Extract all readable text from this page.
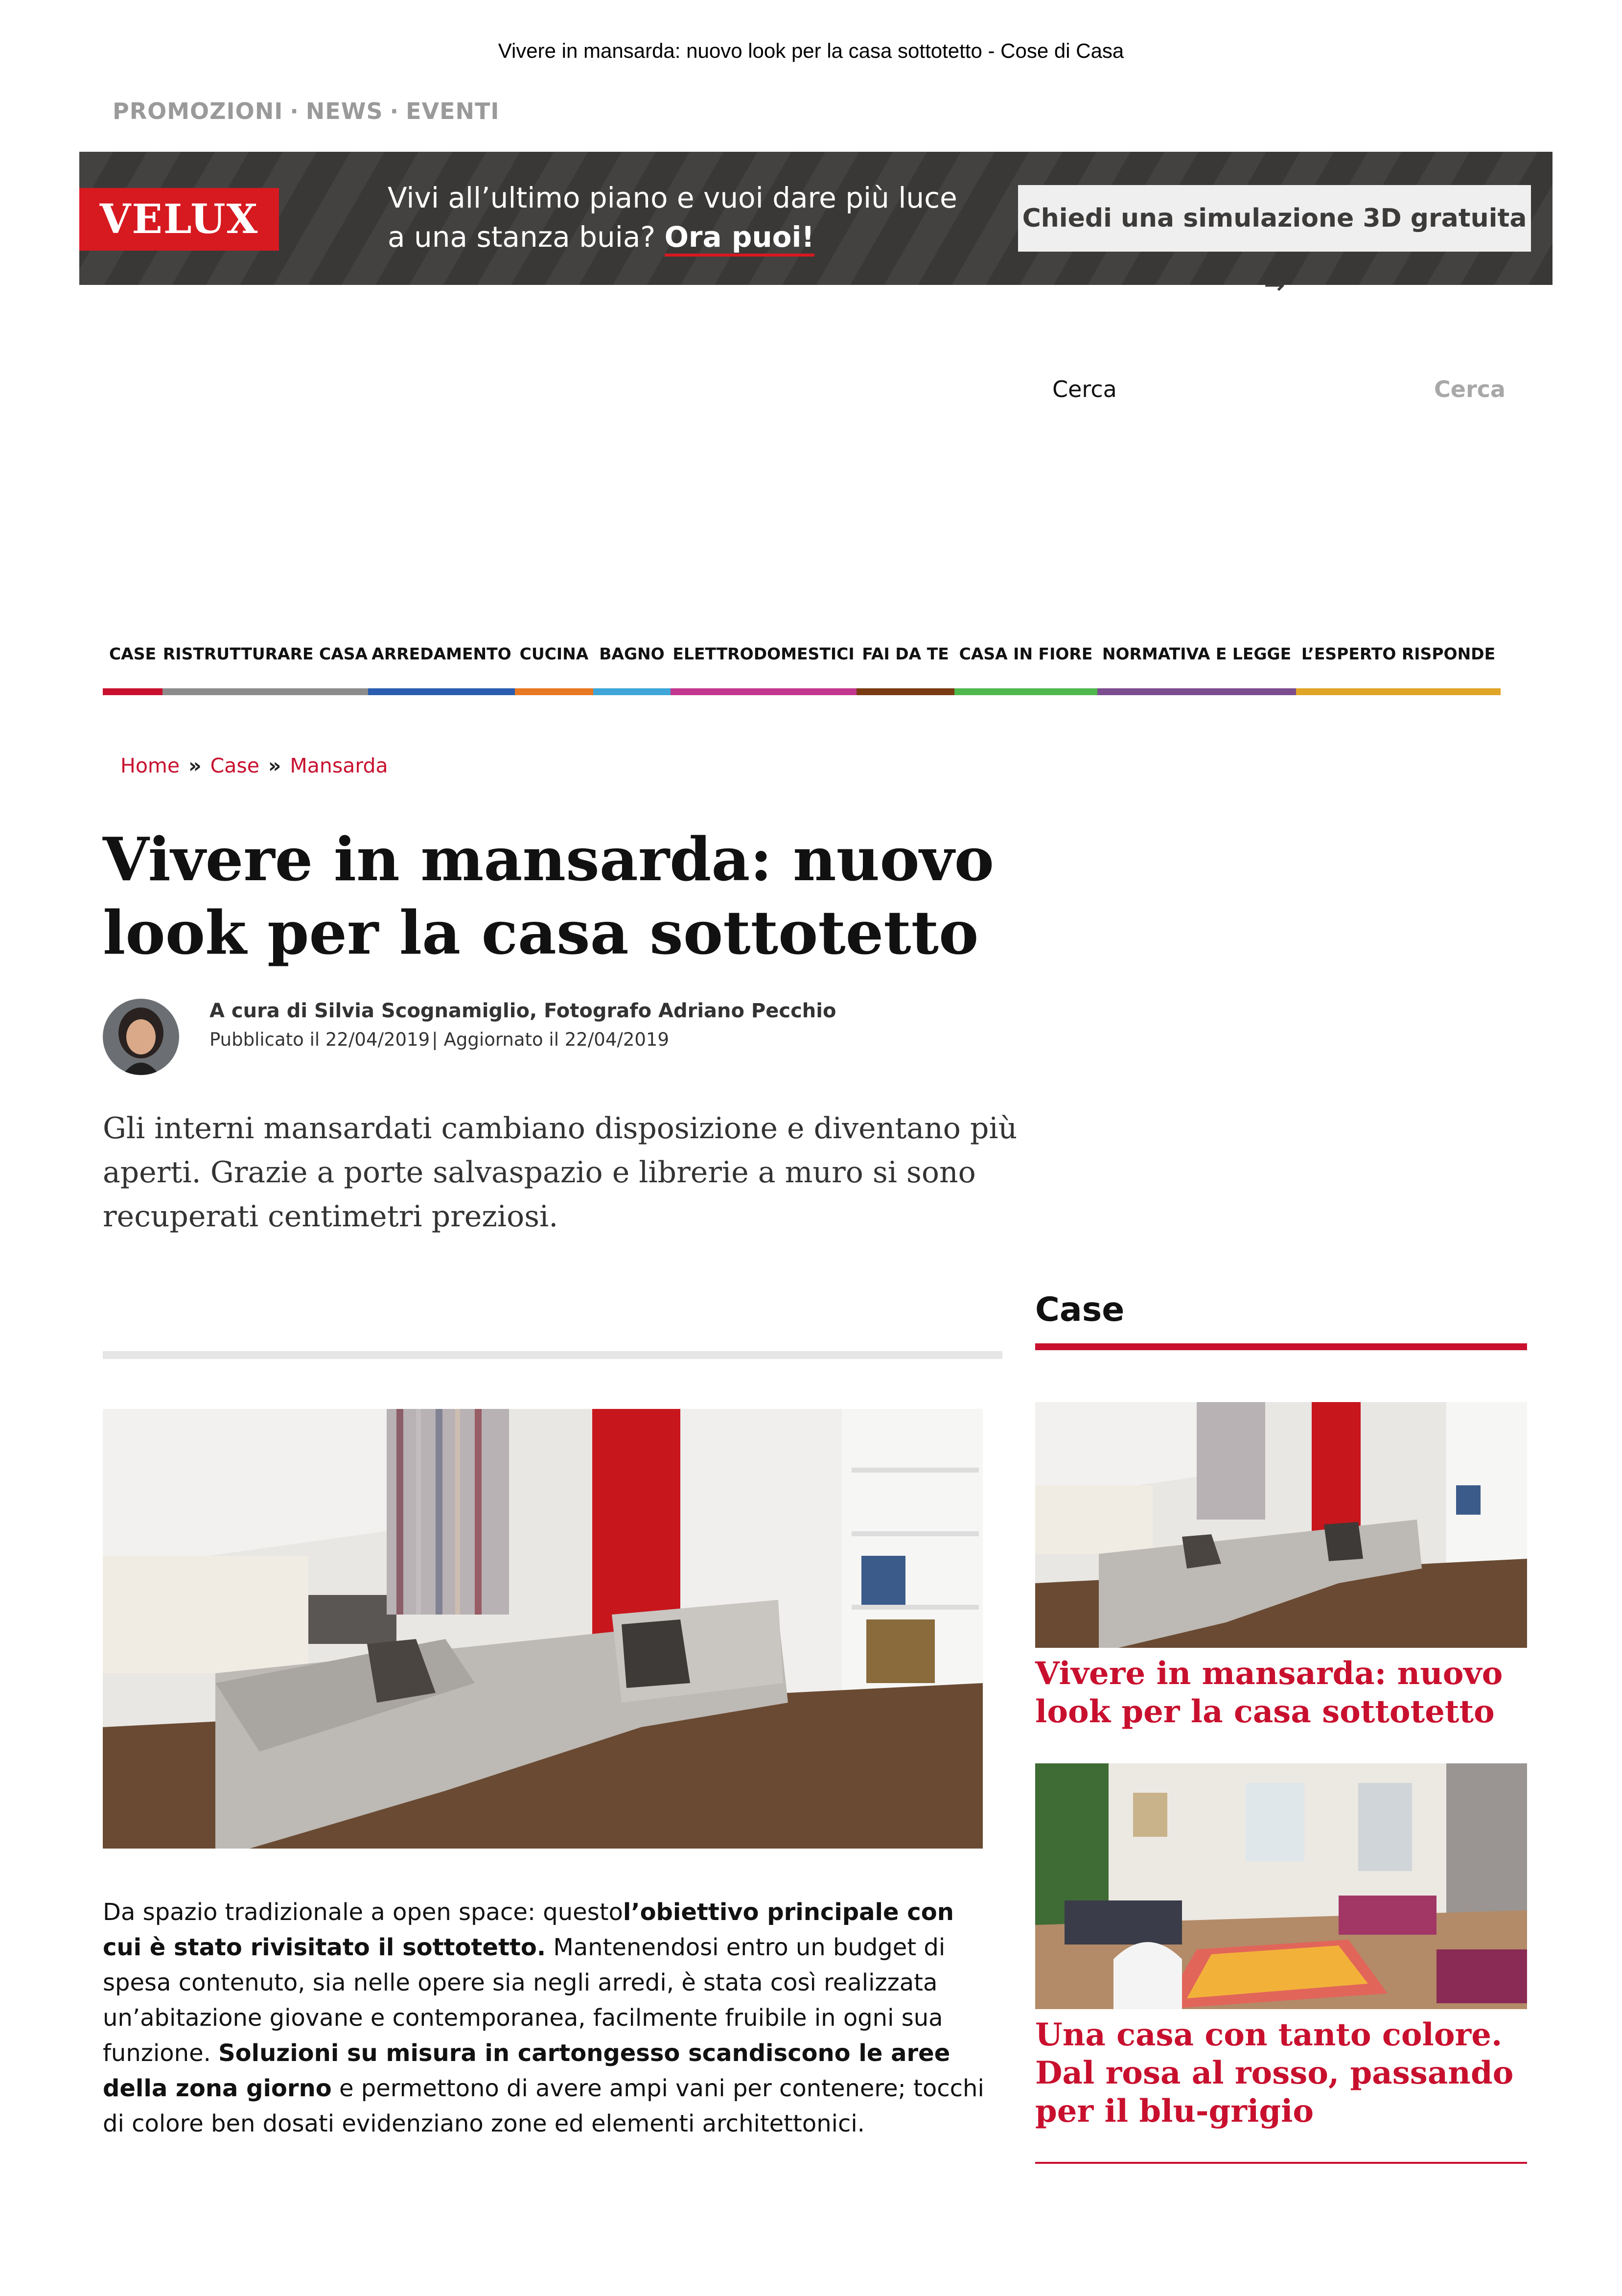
Vivere in mansarda: nuovo look per la casa sottotetto - Cose di Casa
PROMOZIONI · NEWS · EVENTI
VELUX	Vivi all’ultimo piano e vuoi dare più luce
a una stanza buia? Ora puoi!
Chiedi una simulazione 3D gratuita →
Cerca	Cerca
CASE RISTRUTTURARE CASA ARREDAMENTO CUCINA BAGNO ELETTRODOMESTICI FAI DA TE CASA IN FIORE NORMATIVA E LEGGE L’ESPERTO RISPONDE
Home » Case » Mansarda
Vivere in mansarda: nuovo look per la casa sottotetto
A cura di Silvia Scognamiglio, Fotografo Adriano Pecchio
Pubblicato il 22/04/2019 | Aggiornato il 22/04/2019
Gli interni mansardati cambiano disposizione e diventano più aperti. Grazie a porte salvaspazio e librerie a muro si sono recuperati centimetri preziosi.
Da spazio tradizionale a open space: questol’obiettivo principale con cui è stato rivisitato il sottotetto. Mantenendosi entro un budget di spesa contenuto, sia nelle opere sia negli arredi, è stata così realizzata un’abitazione giovane e contemporanea, facilmente fruibile in ogni sua funzione. Soluzioni su misura in cartongesso scandiscono le aree della zona giorno e permettono di avere ampi vani per contenere; tocchi di colore ben dosati evidenziano zone ed elementi architettonici.
Case
Vivere in mansarda: nuovo look per la casa sottotetto
Una casa con tanto colore. Dal rosa al rosso, passando per il blu-grigio
